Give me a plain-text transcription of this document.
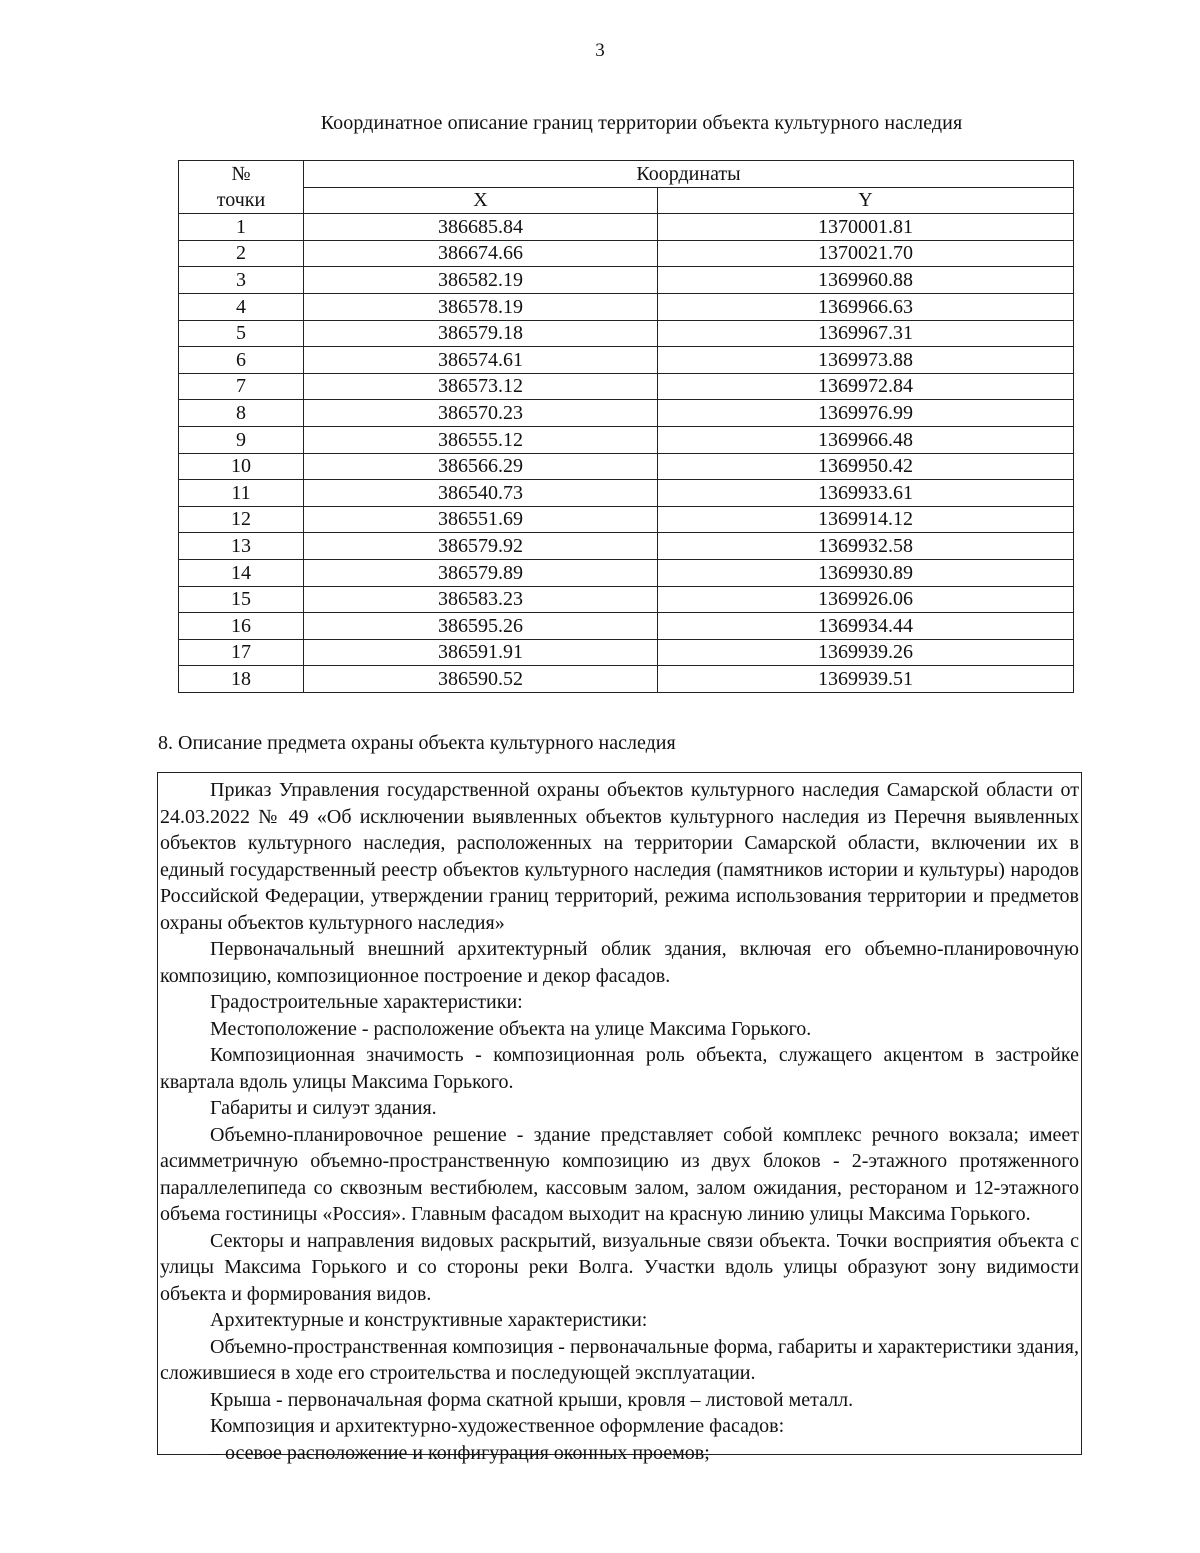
3
Координатное описание границ территории объекта культурного наследия
№	Координаты	
точки	X	Y
1	386685.84	1370001.81
2	386674.66	1370021.70
3	386582.19	1369960.88
4	386578.19	1369966.63
5	386579.18	1369967.31
6	386574.61	1369973.88
7	386573.12	1369972.84
8	386570.23	1369976.99
9	386555.12	1369966.48
10	386566.29	1369950.42
11	386540.73	1369933.61
12	386551.69	1369914.12
13	386579.92	1369932.58
14	386579.89	1369930.89
15	386583.23	1369926.06
16	386595.26	1369934.44
17	386591.91	1369939.26
18	386590.52	1369939.51
8. Описание предмета охраны объекта культурного наследия

Приказ Управления государственной охраны объектов культурного наследия Самарской области от 24.03.2022 № 49 «Об исключении выявленных объектов культурного наследия из Перечня выявленных объектов культурного наследия, расположенных на территории Самарской области, включении их в единый государственный реестр объектов культурного наследия (памятников истории и культуры) народов Российской Федерации, утверждении границ территорий, режима использования территории и предметов охраны объектов культурного наследия»

Первоначальный внешний архитектурный облик здания, включая его объемно-планировочную композицию, композиционное построение и декор фасадов.

Градостроительные характеристики:

Местоположение - расположение объекта на улице Максима Горького.

Композиционная значимость - композиционная роль объекта, служащего акцентом в застройке квартала вдоль улицы Максима Горького.

Габариты и силуэт здания.

Объемно-планировочное решение - здание представляет собой комплекс речного вокзала; имеет асимметричную объемно-пространственную композицию из двух блоков - 2-этажного протяженного параллелепипеда со сквозным вестибюлем, кассовым залом, залом ожидания, рестораном и 12-этажного объема гостиницы «Россия». Главным фасадом выходит на красную линию улицы Максима Горького.

Секторы и направления видовых раскрытий, визуальные связи объекта. Точки восприятия объекта с улицы Максима Горького и со стороны реки Волга. Участки вдоль улицы образуют зону видимости объекта и формирования видов.

Архитектурные и конструктивные характеристики:

Объемно-пространственная композиция - первоначальные форма, габариты и характеристики здания, сложившиеся в ходе его строительства и последующей эксплуатации.

Крыша - первоначальная форма скатной крыши, кровля – листовой металл.

Композиция и архитектурно-художественное оформление фасадов:

– осевое расположение и конфигурация оконных проемов;
